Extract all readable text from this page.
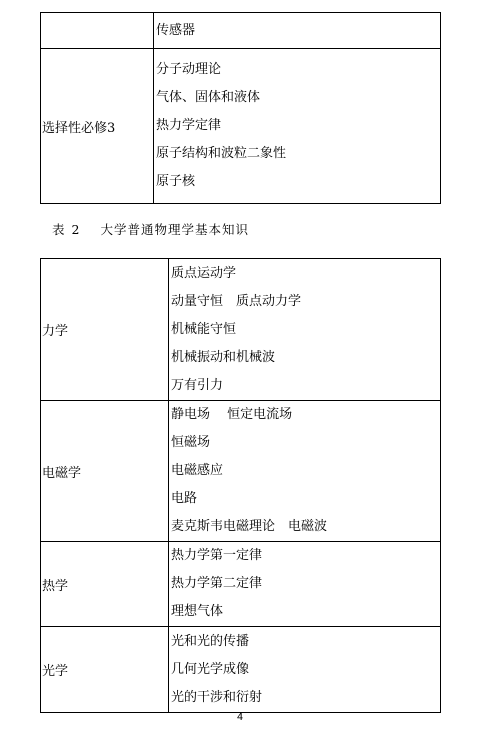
	传感器

选择性必修3	分子动理论
气体、固体和液体
热力学定律
原子结构和波粒二象性
原子核
表 2 大学普通物理学基本知识
力学	质点运动学
动量守恒　质点动力学
机械能守恒
机械振动和机械波
万有引力

电磁学	静电场　 恒定电流场
恒磁场
电磁感应
电路
麦克斯韦电磁理论　电磁波

热学	热力学第一定律
热力学第二定律
理想气体

光学	光和光的传播
几何光学成像
光的干涉和衍射
4
